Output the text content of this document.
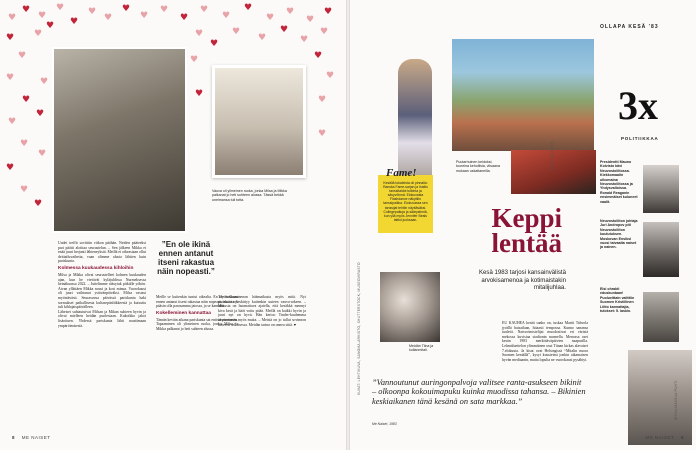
♥
♥
♥
♥
♥
♥
♥
♥
♥
♥
♥
♥
♥
♥
♥
♥
♥
♥
♥
♥
♥
♥
♥
♥
♥
♥
♥
♥
♥
♥
♥
♥
♥
♥
♥
♥
♥
♥
♥
♥
♥
♥
♥
♥
♥
Vauva oli ylimeinen ruoka, jonka Milsa ja Mikka palkanat jo heti suhteen alussa. Tässä bekkä unelmansa tuli totta.

Uudet treffit sovittiin viikon päähän. Neiden pääteeksi pari päätti aloittaa seurustelun. – Sen jälkeen Mikka ei enää juuri herjanti lähteneyksiä. Meillä ei oikeastaan ollut deittailuvaihetta, vaan olimme alusta lähtien kuin pariskunta.

Kolmessa kuukaudessa kihloihin

Milsa ja Mikka olivat seurustelleet kolmen kuukauden ajan, kun he viettivät kyläjuhlissa Nurmeksessa heinäkuussa 2022. – Juttelimme rääsytuk pitkälle yöhön. Aivan yllättäen Mikka nousi ja kosi minua. Vuorokausi oli juuri vaihtunut ystävänpäiväksi. Milsa vastasi myöntävästi. Seurasuvua päivässä pariskunta haki sormukset paikallisesta kultasepänliikkeestä ja kutsuttu tuli kihlajaispäivälleen.

Läheiset suhtautuivat Milsan ja Mikan suhteen hyvin ja olivat mielleen heidän puolestaan. Kukoikko jakoi lisäoituen. Yhdessä pariskunta lähti nauttimaan ympäröimisestä.

”En ole ikinä ennen antanut itseni rakastua näin nopeasti.”

Meille se kuitenkin tuntui oikealta. En ole koskaan ennen antanut itseni rakastua näin nopeasti, mutta nyt pääsin olla parasamma jatossa, ja se kannatti.

Kokelleminen kannattaa

Tämän keväin aikana pariskunta sai entistä enemmän. Tapaaminen oli ylimeinen ruoka, jonka Milsa ja Mikka palkanat jo heti suhteen alussa.

Täytevälaaminenan häämatkasta myös mitä. Nyt pariskunta keskittyy kuitenkin uuteen vauva-arkeen. – Minusta on huomattava ajatella, että kesäkkä mennyt kiva kesä ja häät voitu pitää. Meillä on kaikki hyvin ja juuri nyt on hyvä. Hän kertoo Tinder-kuulemma inspiroineen myös muita. – Meistä on jo tullut sovinnon kriteerit sellaisessa. Meidän tarina on onnea siitä. ♥

8 ME NAISET
OLLAPA KESÄ ’83
KUVAT: LEHTIKUVA, SANOMA-ARKISTO, SHUTTERSTOCK, MUSEOVIRASTO
Fame!
Kesällä tokaleista oli pinnalla: Ranska Fame-sarjan ja ihailtu tanssitaidot tulkinta ja sävyvöinnä. Elokuvasta Flashdance näkyttiin tanssipaikka. Elokuvassa sen tanssijat tehtiin näyttäväksi. Collegepaituja ja säärystimiä, kun yllä myös Jennifer Beals laittoi juoksaan.
Puutarhuinen keidoksi, tuoreina kehollisia, viisaana mukaan uskaltaneilla.
KUVA: SA-KUVA
Keppi lentää
Kesä 1983 tarjosi kansainvälistä arvokisamenoa ja kotimaistakin mitalijuhlaa.
Meidän Tiina ja kullanmitali.
EU KAUHEA kesää sanko on, tuskaa Martti Tahvola jyrällä baisailaan, hitaasti tempossa. Kunno sanansa tuuletti. Naisvoimistelijat muodostivat eri värisiä mekossa kuvistaa stadionin nurmella. Menossa oset kesän 1983 merkittäväpäivien naapurilla. Lehmäluettelon ylimmäinen osui Tiinan kirkas alavaiset 7.elokuuta. Ja kisat ovat Helsingissä “Mitalin nuora Suomen kentällä”, kysyi kuusieimi jonkin aikamaisen hyvän mediaanin, mutta lopulta ne vuorokausi pysähtyi.
”Vannoutunut auringonpalvoja valitsee ranta-asukseen bikinit – olkoonpa kokouimapuku kuinka muodissa tahansa. – Bikinien keskiaikanen tänä kesänä on sata markkaa.”
Me Naiset, 1983
3x
POLITIIKKAA
Presidentti Mauno Koivisto kävi Neuvostoliitossa. Kiekkomaalin ulkomaina Neuvostoliitossa ja Yhdysvalloissa. Ronald Reaganin ensimmäiset kuluneet vaalit.
Neuvostoliiton johtaja Juri Andropov piti Neuvostoliiton kuulutuksen. Moskovan Ensiksi vuosi taivaalta naiset ja nainen.
Elsi ohrakti eduskuntaan! Puolueittain valittiin Suomen Kristillinen Liitto kannattajia, tulokset: 5. laskin.
BIKINI-MAKSUA PUHTI
ME NAISET 9
